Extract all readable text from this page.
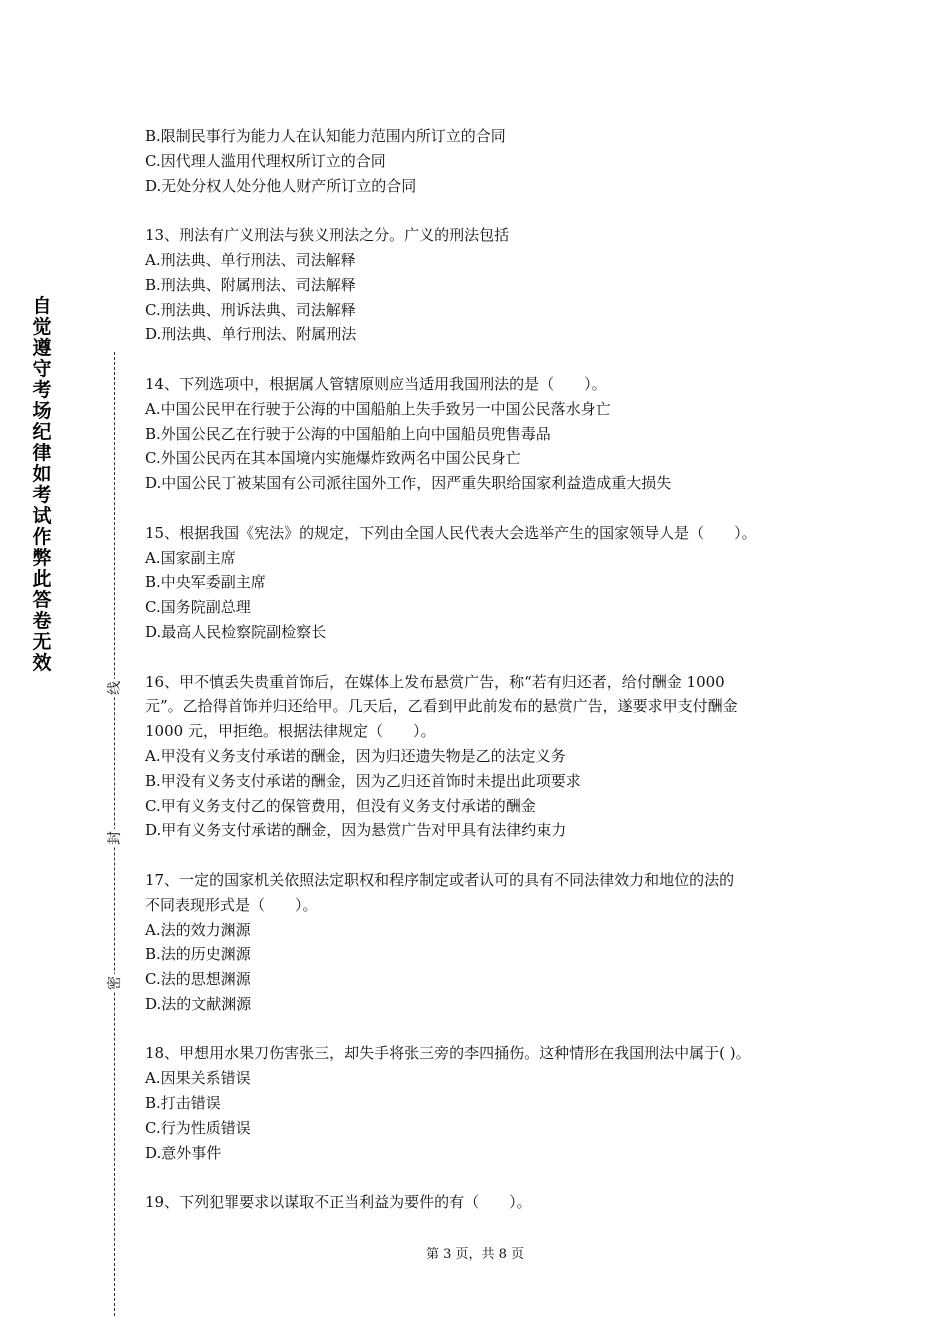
自觉遵守考场纪律如考试作弊此答卷无效
线
封
密
B.限制民事行为能力人在认知能力范围内所订立的合同
C.因代理人滥用代理权所订立的合同
D.无处分权人处分他人财产所订立的合同
13、刑法有广义刑法与狭义刑法之分。广义的刑法包括
A.刑法典、单行刑法、司法解释
B.刑法典、附属刑法、司法解释
C.刑法典、刑诉法典、司法解释
D.刑法典、单行刑法、附属刑法
14、下列选项中，根据属人管辖原则应当适用我国刑法的是（　　）。
A.中国公民甲在行驶于公海的中国船舶上失手致另一中国公民落水身亡
B.外国公民乙在行驶于公海的中国船舶上向中国船员兜售毒品
C.外国公民丙在其本国境内实施爆炸致两名中国公民身亡
D.中国公民丁被某国有公司派往国外工作，因严重失职给国家利益造成重大损失
15、根据我国《宪法》的规定，下列由全国人民代表大会选举产生的国家领导人是（　　）。
A.国家副主席
B.中央军委副主席
C.国务院副总理
D.最高人民检察院副检察长
16、甲不慎丢失贵重首饰后，在媒体上发布悬赏广告，称“若有归还者，给付酬金 1000
元”。乙拾得首饰并归还给甲。几天后，乙看到甲此前发布的悬赏广告，遂要求甲支付酬金
1000 元，甲拒绝。根据法律规定（　　）。
A.甲没有义务支付承诺的酬金，因为归还遗失物是乙的法定义务
B.甲没有义务支付承诺的酬金，因为乙归还首饰时未提出此项要求
C.甲有义务支付乙的保管费用，但没有义务支付承诺的酬金
D.甲有义务支付承诺的酬金，因为悬赏广告对甲具有法律约束力
17、一定的国家机关依照法定职权和程序制定或者认可的具有不同法律效力和地位的法的
不同表现形式是（　　）。
A.法的效力渊源
B.法的历史渊源
C.法的思想渊源
D.法的文献渊源
18、甲想用水果刀伤害张三，却失手将张三旁的李四捅伤。这种情形在我国刑法中属于( )。
A.因果关系错误
B.打击错误
C.行为性质错误
D.意外事件
19、下列犯罪要求以谋取不正当利益为要件的有（　　）。
第 3 页，共 8 页
